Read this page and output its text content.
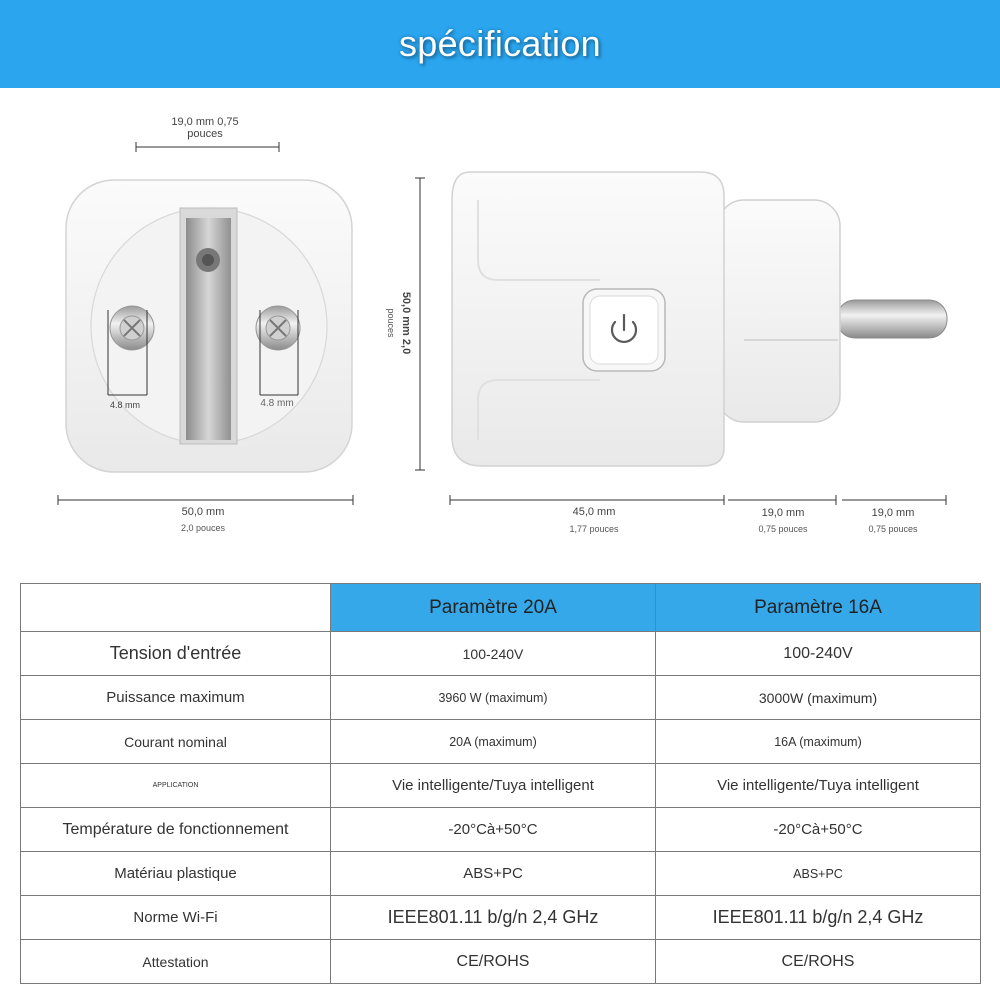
spécification
19,0 mm 0,75
pouces
4.8 mm	4.8 mm
50,0 mm
2,0 pouces
50,0 mm 2,0
pouces
45,0 mm
1,77 pouces
19,0 mm
0,75 pouces
19,0 mm
0,75 pouces
	Paramètre 20A	Paramètre 16A
Tension d'entrée	100-240V	100-240V
Puissance maximum	3960 W (maximum)	3000W (maximum)
Courant nominal	20A (maximum)	16A (maximum)
APPLICATION	Vie intelligente/Tuya intelligent	Vie intelligente/Tuya intelligent
Température de fonctionnement	-20°Cà+50°C	-20°Cà+50°C
Matériau plastique	ABS+PC	ABS+PC
Norme Wi-Fi	IEEE801.11 b/g/n 2,4 GHz	IEEE801.11 b/g/n 2,4 GHz
Attestation	CE/ROHS	CE/ROHS
